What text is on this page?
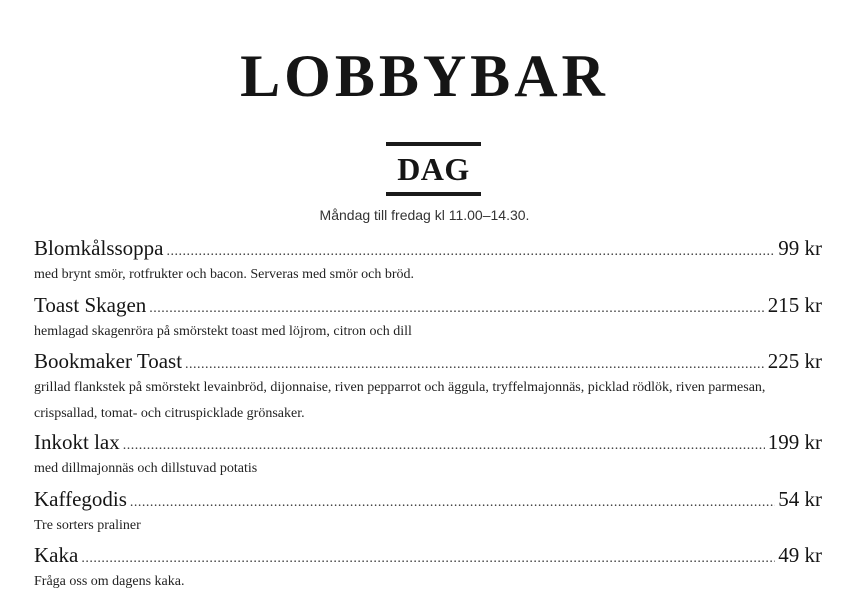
LOBBYBAR
DAG
Måndag till fredag kl 11.00–14.30.
Blomkålssoppa .....	99 kr
med brynt smör, rotfrukter och bacon. Serveras med smör och bröd.
Toast Skagen .....	215 kr
hemlagad skagenröra på smörstekt toast med löjrom, citron och dill
Bookmaker Toast .....	225 kr
grillad flankstek på smörstekt levainbröd, dijonnaise, riven pepparrot och äggula, tryffelmajonnäs, picklad rödlök, riven parmesan, crispsallad, tomat- och citruspicklade grönsaker.
Inkokt lax .....	199 kr
med dillmajonnäs och dillstuvad potatis
Kaffegodis .....	54 kr
Tre sorters praliner
Kaka .....	49 kr
Fråga oss om dagens kaka.
